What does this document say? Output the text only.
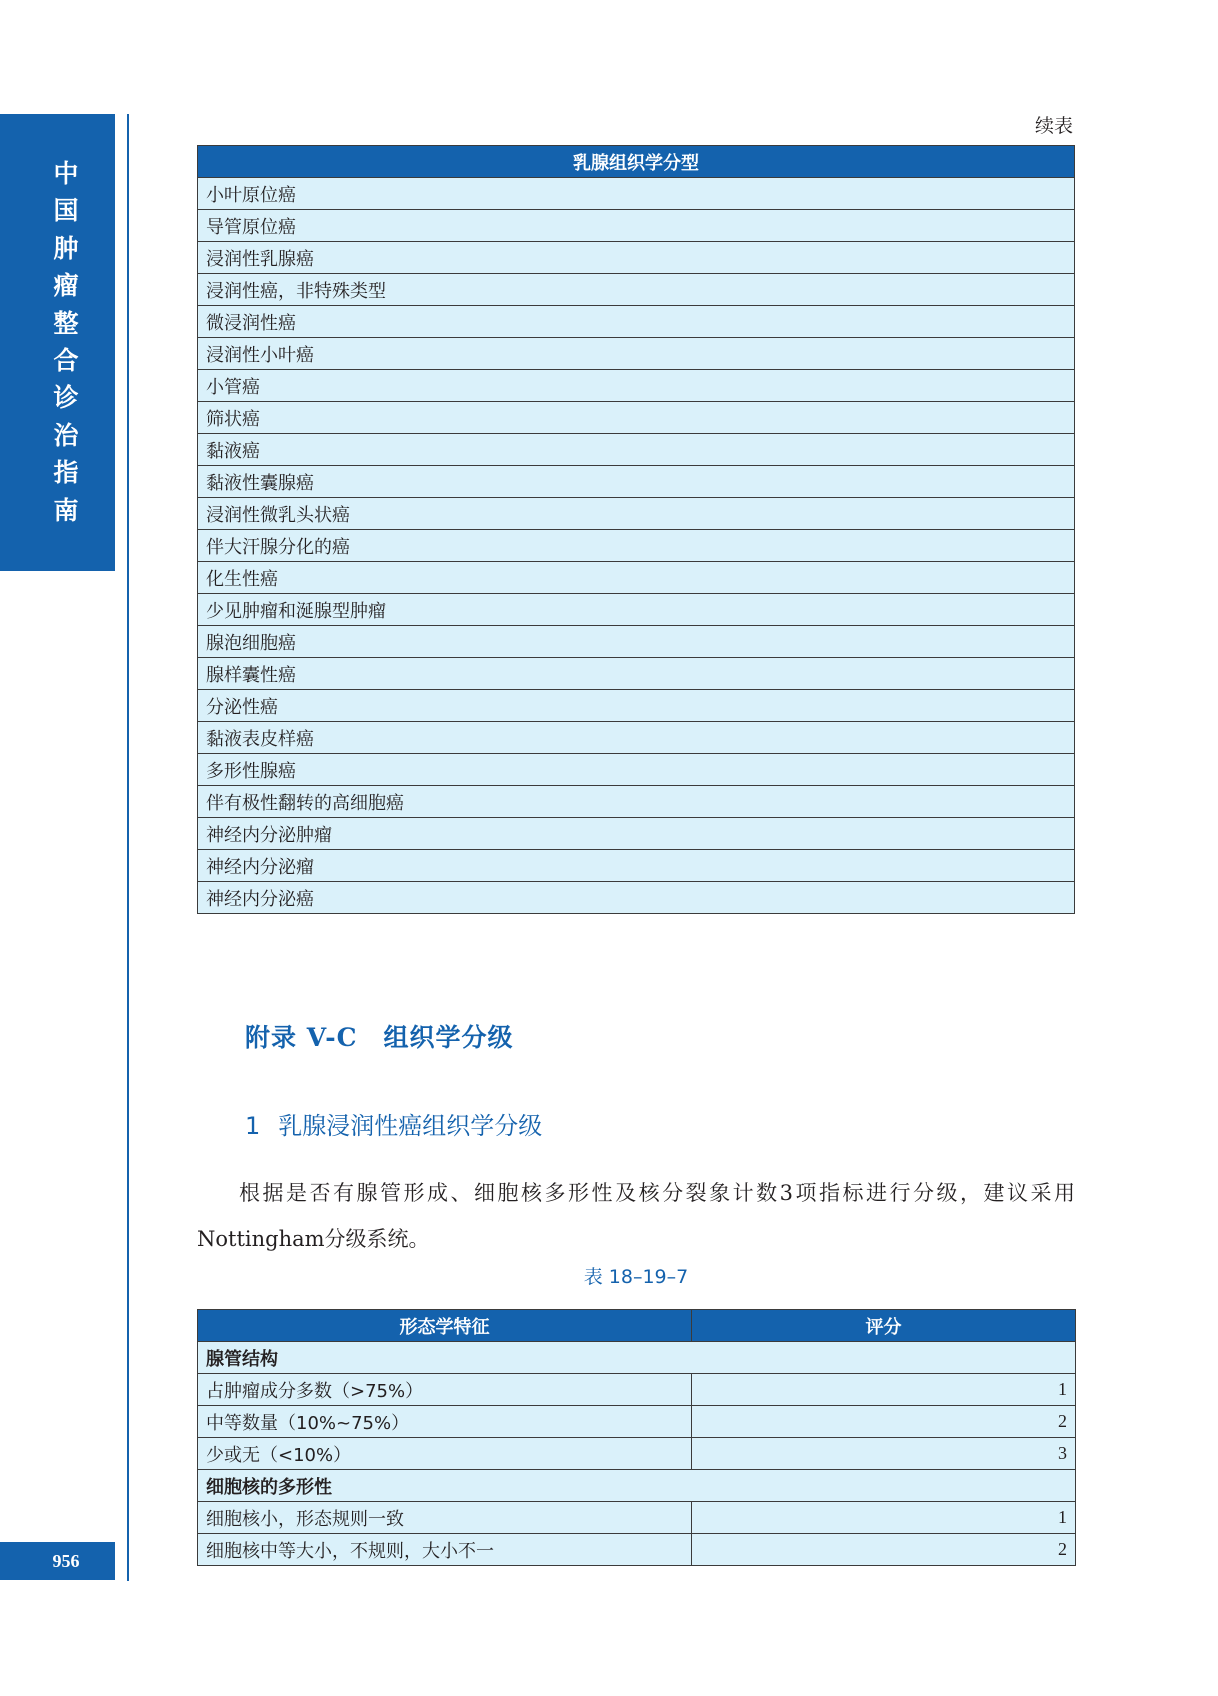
中
国
肿
瘤
整
合
诊
治
指
南
956
续表
乳腺组织学分型
小叶原位癌
导管原位癌
浸润性乳腺癌
浸润性癌，非特殊类型
微浸润性癌
浸润性小叶癌
小管癌
筛状癌
黏液癌
黏液性囊腺癌
浸润性微乳头状癌
伴大汗腺分化的癌
化生性癌
少见肿瘤和涎腺型肿瘤
腺泡细胞癌
腺样囊性癌
分泌性癌
黏液表皮样癌
多形性腺癌
伴有极性翻转的高细胞癌
神经内分泌肿瘤
神经内分泌瘤
神经内分泌癌
附录 V-C　组织学分级
1 乳腺浸润性癌组织学分级
根据是否有腺管形成、细胞核多形性及核分裂象计数3项指标进行分级，建议采用Nottingham分级系统。
表 18–19–7
形态学特征	评分
腺管结构	
占肿瘤成分多数（>75%）	1
中等数量（10%~75%）	2
少或无（<10%）	3
细胞核的多形性	
细胞核小，形态规则一致	1
细胞核中等大小，不规则，大小不一	2
